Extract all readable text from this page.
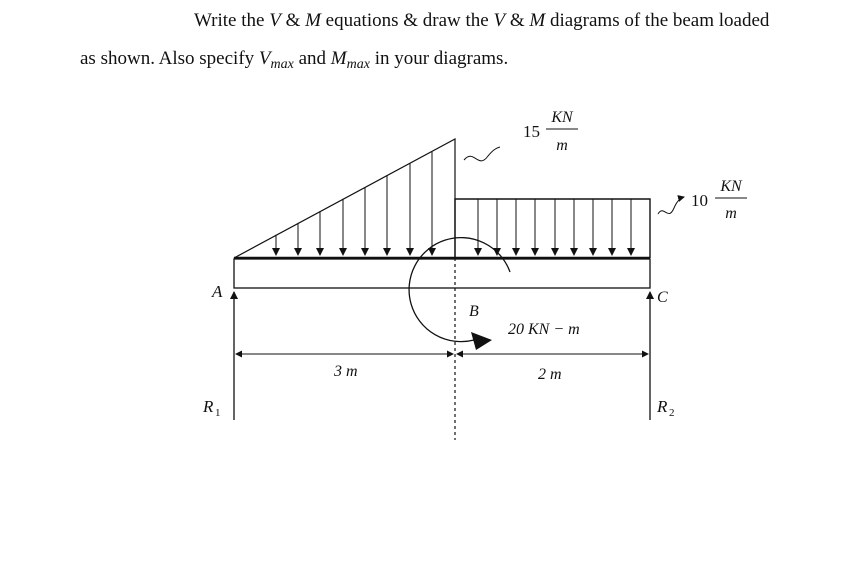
Write the V & M equations & draw the V & M diagrams of the beam loaded
as shown. Also specify $V_{max}$ and $M_{max}$ in your diagrams.
15
KN
m
10
KN
m
A
B
C
20 KN − m
3 m	2 m
R 1	R 2
